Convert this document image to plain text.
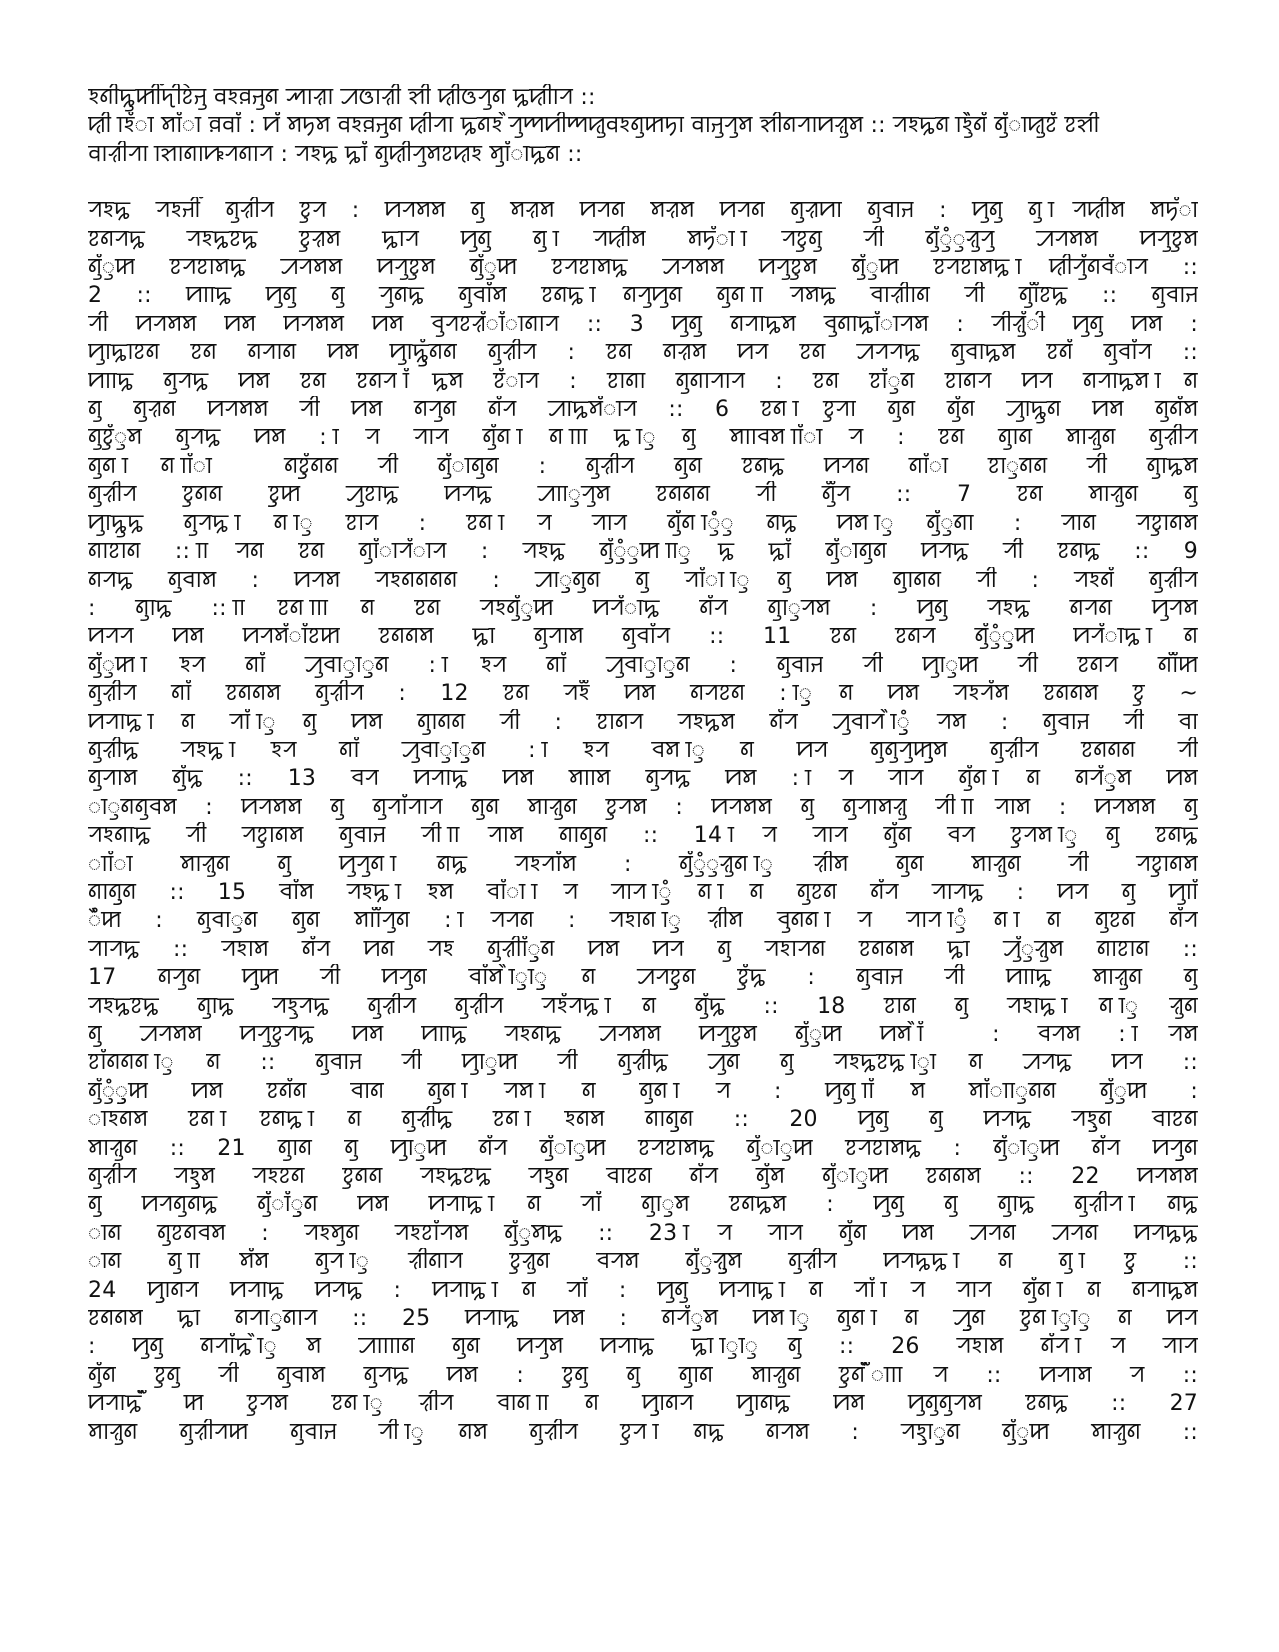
ꠁꠘꠤꠍꠥꠇꠤꠋꠖꠤꠐꠦꠔꠥ ꠛꠁꠅꠔꠥꠘ ꠕꠣꠟꠣ ꠀꠃꠣꠟꠤ ꠡꠤ ꠢꠤꠃꠞꠥꠘ ꠍꠢꠤꠣꠞ ::
ꠢꠤ ꠣꠁꠋꠣ ꠝꠣꠋꠣ ꠅꠛꠣꠋ : ꠙꠋ ꠝꠠꠝ ꠛꠁꠅꠔꠥꠘ ꠢꠤꠞꠣ ꠍꠘꠁ ꠂꠞꠥꠈꠙꠤꠈꠢꠥꠛꠁꠘꠥꠇꠠꠣ ꠛꠣꠔꠥꠞꠥꠝ ꠡꠤꠘꠞꠣꠙꠟꠥꠝ :: ꠞꠁꠍꠘ ꠣꠁꠂꠂꠥꠘꠋ ꠘꠥꠋꠣꠢꠥꠐꠋ ꠐꠡꠤ
ꠛꠣꠟꠤꠞꠣ ꠣꠡꠣꠘꠣꠚꠞꠘꠣꠞ : ꠞꠁꠍ ꠍꠣꠋ ꠘꠥꠢꠤꠞꠥꠝꠐꠢꠁ ꠝꠥꠣꠋꠣꠍꠘ ::
ꠞꠁꠍ ꠞꠁꠔꠤꠋ ꠘꠥꠟꠤꠞ ꠐꠥꠞ : ꠙꠞꠝꠝ ꠘꠥ ꠝꠟꠝ ꠙꠞꠘ ꠝꠟꠝ ꠙꠞꠘ ꠘꠥꠟꠙꠣ ꠘꠥꠌꠣꠔ : ꠙꠥꠘꠥ ꠘꠥ ꠣꠞꠢꠤꠝ ꠝꠠꠋꠣ
ꠐꠘꠞꠍ ꠞꠁꠍꠐꠍ ꠐꠥꠟꠝ ꠍꠣꠞ ꠙꠥꠘꠥ ꠘꠥ ꠣꠞꠢꠤꠝ ꠝꠠꠋꠣ ꠣꠞꠐꠥꠘꠥ ꠞꠤ ꠘꠥꠋꠥꠋꠥꠟꠥꠞꠥ ꠀꠞꠝꠝ ꠙꠞꠥꠐꠥꠝ
ꠘꠥꠋꠥꠇ ꠐꠞꠐꠣꠝꠍ ꠀꠞꠝꠝ ꠙꠞꠥꠐꠥꠝ ꠘꠥꠋꠥꠇ ꠐꠞꠐꠣꠝꠍ ꠀꠞꠝꠝ ꠙꠞꠥꠐꠥꠝ ꠘꠥꠋꠥꠇ ꠐꠞꠐꠣꠝꠍ ꠣꠢꠤꠞꠥꠋꠘꠌꠋꠣꠞ ::
2 :: ꠙꠣꠣꠍ ꠙꠥꠘꠥ ꠘꠥ ꠞꠥꠘꠍ ꠘꠥꠌꠣꠋꠝ ꠐꠘꠍ ꠣꠘꠞꠥꠙꠥꠘ ꠘꠥꠘ ꠣꠣꠞꠝꠍ ꠌꠣꠟꠤꠣꠘ ꠞꠤ ꠘꠥꠣꠋꠋꠐꠍ :: ꠘꠥꠌꠣꠔ
ꠞꠤ ꠙꠞꠝꠝ ꠙꠝ ꠙꠞꠝꠝ ꠙꠝ ꠌꠥꠞꠐꠟꠋꠣꠋꠣꠘꠣꠞ :: 3 ꠙꠥꠘꠥ ꠘꠞꠣꠍꠝ ꠌꠥꠘꠣꠍꠣꠋꠣꠞꠝ : ꠞꠤꠟꠥꠋꠤ ꠙꠥꠘꠥ ꠙꠝ :
ꠙꠥꠣꠍꠣꠐꠘ ꠐꠘ ꠘꠞꠣꠘ ꠙꠝ ꠙꠥꠣꠍꠥꠥꠋꠘꠘ ꠘꠥꠟꠤꠞ : ꠐꠘ ꠘꠟꠝ ꠙꠞ ꠐꠘ ꠀꠞꠞꠍ ꠘꠥꠌꠣꠍꠝ ꠐꠘꠋ ꠘꠥꠌꠣꠋꠞ ::
ꠙꠣꠣꠍ ꠘꠥꠞꠍ ꠙꠝ ꠐꠘ ꠐꠘꠞ ꠣꠋꠍꠝ ꠐꠋꠣꠞ : ꠐꠣꠘꠣ ꠘꠥꠘꠣꠞꠣꠞ : ꠐꠘ ꠐꠣꠋꠥꠘ ꠐꠣꠘꠞ ꠙꠞ ꠘꠞꠣꠍꠝ ꠣꠘ
ꠘꠥ ꠘꠥꠟꠘ ꠙꠞꠝꠝ ꠞꠤ ꠙꠝ ꠘꠞꠥꠘ ꠘꠋꠞ ꠀꠣꠍꠝꠋꠣꠞ :: 6 ꠐꠘ ꠣꠐꠥꠞꠣ ꠘꠥꠘ ꠘꠥꠋꠘ ꠀꠥꠣꠍꠥꠘ ꠙꠝ ꠘꠥꠘꠋꠝ
ꠘꠥꠐꠥꠋꠥꠝ ꠘꠥꠞꠍ ꠙꠝ : ꠣꠞ ꠞꠣꠞ ꠘꠥꠋꠘ ꠣꠘ ꠣꠣꠣꠍ ꠣꠥꠘꠥ ꠝꠣꠣꠌꠝ ꠣꠣꠋꠣꠞ : ꠐꠘ ꠘꠥꠣꠘ ꠝꠣꠟꠥꠘ ꠘꠥꠟꠤꠞ
ꠘꠥꠘ ꠣꠘ ꠣꠣꠋꠣ ꠘꠐꠥꠥꠋꠘꠘ ꠞꠤ ꠘꠥꠋꠣꠘꠥꠘ : ꠘꠥꠟꠤꠞ ꠘꠥꠘ ꠐꠘꠍ ꠙꠞꠘ ꠘꠣꠋꠣ ꠐꠣꠥꠘꠘ ꠞꠤ ꠘꠥꠣꠍꠝ
ꠘꠥꠟꠤꠞ ꠐꠥꠘꠘ ꠐꠥꠥꠇ ꠀꠥꠐꠣꠍ ꠙꠞꠍ ꠀꠣꠣꠥꠞꠥꠝ ꠐꠘꠘꠘ ꠞꠤ ꠘꠥꠋꠋꠞ :: 7 ꠐꠘ ꠝꠣꠟꠥꠘ ꠘꠥ
ꠙꠥꠣꠍꠥꠍ ꠘꠥꠞꠍ ꠣꠘ ꠣꠥꠐꠣꠞ : ꠐꠘ ꠣꠞ ꠞꠣꠞ ꠘꠥꠋꠘ ꠣꠥꠋꠥꠘꠍ ꠙꠝ ꠣꠥꠘꠥꠋꠥꠘꠣ : ꠞꠣꠘ ꠞꠐꠥꠣꠘꠝ
ꠘꠣꠐꠣꠘ :: ꠣꠣꠞꠘ ꠐꠘ ꠘꠥꠣꠋꠣꠞꠋꠣꠞ : ꠞꠁꠍ ꠘꠥꠋꠥꠋꠥꠇ ꠣꠣꠥꠍ ꠍꠣꠋ ꠘꠥꠋꠣꠘꠥꠘ ꠙꠞꠍ ꠞꠤ ꠐꠘꠍ :: 9
ꠘꠞꠍ ꠘꠥꠌꠣꠝ : ꠙꠞꠝ ꠞꠁꠘꠘꠘꠘ : ꠀꠣꠥꠥꠘꠥꠘ ꠘꠥ ꠞꠣꠋꠣ ꠣꠥꠘꠥ ꠙꠝ ꠘꠥꠣꠘꠘ ꠞꠤ : ꠞꠁꠘꠋ ꠘꠥꠟꠤꠞ
: ꠘꠥꠣꠍ :: ꠣꠣꠐꠘ ꠣꠣꠣꠘ ꠐꠘ ꠞꠁꠘꠥꠋꠥꠇ ꠙꠞꠋꠣꠍ ꠘꠋꠞ ꠘꠥꠣꠥꠞꠝ : ꠙꠥꠘꠥ ꠞꠁꠍ ꠘꠞꠘ ꠙꠥꠞꠝ
ꠙꠞꠞ ꠙꠝ ꠙꠞꠝꠋꠣꠋꠐꠇ ꠐꠘꠘꠝ ꠍꠣ ꠘꠥꠞꠣꠝ ꠘꠥꠌꠣꠋꠞ :: 11 ꠐꠘ ꠐꠘꠞ ꠘꠥꠋꠥꠋꠥꠥꠥꠇ ꠙꠞꠋꠣꠍ ꠣꠘ
ꠘꠥꠋꠥꠇ ꠣꠁꠞ ꠘꠣꠋ ꠀꠥꠌꠣꠥꠣꠥꠥꠘ : ꠣꠁꠞ ꠘꠣꠋ ꠀꠥꠌꠣꠥꠣꠥꠥꠘ : ꠘꠥꠌꠣꠔ ꠞꠤ ꠙꠥꠣꠥꠇ ꠞꠤ ꠐꠘꠞ ꠘꠣꠋꠋꠇ
ꠘꠥꠟꠤꠞ ꠘꠣꠋ ꠐꠘꠘꠝ ꠘꠥꠟꠤꠞ : 12 ꠐꠘ ꠞꠁꠋꠋ ꠙꠝ ꠘꠞꠐꠘ : ꠣꠥꠥꠘ ꠙꠝ ꠞꠁꠞꠋꠝ ꠐꠘꠘꠝ ꠐꠥ ~
ꠙꠞꠣꠍ ꠣꠘ ꠞꠣꠋ ꠣꠥꠘꠥ ꠙꠝ ꠘꠥꠣꠘꠘ ꠞꠤ : ꠐꠣꠘꠞ ꠞꠁꠍꠝ ꠘꠋꠞ ꠀꠥꠌꠣꠞ ꠂꠣꠥꠥꠋꠞꠝ : ꠘꠥꠌꠣꠔ ꠞꠤ ꠌꠣ
ꠘꠥꠟꠤꠍ ꠞꠁꠍ ꠣꠁꠞ ꠘꠣꠋ ꠀꠥꠌꠣꠥꠣꠥꠥꠘ : ꠣꠁꠞ ꠌꠝ ꠣꠥꠘ ꠙꠞ ꠘꠥꠘꠥꠞꠥꠇꠥꠥꠝ ꠘꠥꠟꠤꠞ ꠐꠘꠘꠘ ꠞꠤ
ꠘꠥꠞꠣꠝ ꠘꠥꠋꠍ :: 13 ꠌꠞ ꠙꠞꠣꠍ ꠙꠝ ꠝꠣꠣꠝ ꠘꠥꠞꠍ ꠙꠝ : ꠣꠞ ꠞꠣꠞ ꠘꠥꠋꠘ ꠣꠘ ꠘꠞꠋꠥꠥꠝ ꠙꠝ
ꠣꠥꠘꠘꠥꠌꠝ : ꠙꠞꠝꠝ ꠘꠥ ꠘꠥꠞꠣꠋꠞꠣꠞ ꠘꠥꠘ ꠝꠣꠟꠥꠘ ꠐꠥꠞꠝ : ꠙꠞꠝꠝ ꠘꠥ ꠘꠥꠞꠣꠝꠟꠥ ꠞꠤ ꠣꠣꠞꠣꠝ : ꠙꠞꠝꠝ ꠘꠥ
ꠞꠁꠘꠣꠍ ꠞꠤ ꠞꠐꠥꠣꠘꠝ ꠘꠥꠌꠣꠔ ꠞꠤ ꠣꠣꠞꠣꠝ ꠘꠣꠘꠥꠥꠘ :: 14 ꠣꠞ ꠞꠣꠞ ꠘꠥꠋꠘ ꠌꠞ ꠐꠥꠞꠝ ꠣꠥꠘꠥ ꠐꠘꠍ
ꠣꠣꠋꠣ ꠝꠣꠟꠥꠘ ꠘꠥ ꠙꠥꠞꠥꠘ ꠣꠘꠍ ꠞꠁꠞꠣꠋꠝ : ꠘꠥꠋꠥꠋꠥꠟꠥꠘ ꠣꠥꠟꠤꠝ ꠘꠥꠘ ꠝꠣꠟꠥꠘ ꠞꠤ ꠞꠐꠥꠣꠘꠝ
ꠘꠣꠘꠥꠥꠘ :: 15 ꠌꠣꠋꠝ ꠞꠁꠍ ꠣꠁꠝ ꠌꠣꠋꠣ ꠣꠞ ꠞꠣꠞ ꠣꠥꠋꠘ ꠣꠘ ꠘꠥꠐꠘ ꠘꠋꠞ ꠞꠣꠞꠍ : ꠙꠞ ꠘꠥ ꠙꠥꠣꠣꠋ
ꠂꠋꠋꠇ : ꠘꠥꠌꠣꠥꠘ ꠘꠥꠘ ꠝꠣꠣꠋꠋꠞꠥꠘ : ꠣꠞꠞꠘ : ꠞꠁꠣꠘ ꠣꠥꠟꠤꠝ ꠌꠥꠘꠘ ꠣꠞ ꠞꠣꠞ ꠣꠥꠋꠘ ꠣꠘ ꠘꠥꠐꠘ ꠘꠋꠞ
ꠞꠣꠞꠍ :: ꠞꠁꠣꠝ ꠘꠋꠞ ꠙꠘ ꠞꠁ ꠘꠥꠟꠤꠣꠋꠥꠥꠘ ꠙꠝ ꠙꠞ ꠘꠥ ꠞꠁꠣꠞꠘ ꠐꠘꠘꠝ ꠍꠣ ꠀꠥꠋꠥꠟꠥꠝ ꠘꠣꠐꠣꠘ ::
17 ꠘꠞꠥꠘ ꠙꠥꠥꠇ ꠞꠤ ꠙꠞꠥꠘ ꠌꠣꠋꠝ ꠂꠣꠥꠥꠣꠥꠥꠘ ꠀꠞꠐꠥꠥꠘ ꠐꠥꠋꠍ : ꠘꠥꠌꠣꠔ ꠞꠤ ꠙꠣꠣꠍ ꠝꠣꠟꠥꠘ ꠘꠥ
ꠞꠁꠍꠐꠍ ꠘꠥꠣꠍ ꠞꠁꠥꠞꠍ ꠘꠥꠟꠤꠞ ꠘꠥꠟꠤꠞ ꠞꠁꠋꠞꠍ ꠣꠘ ꠘꠥꠋꠍ :: 18 ꠐꠣꠘ ꠘꠥ ꠞꠁꠣꠍ ꠣꠘ ꠣꠥꠟꠥꠘ
ꠘꠥ ꠀꠞꠝꠝ ꠙꠞꠥꠐꠥꠞꠍ ꠙꠝ ꠙꠣꠣꠍ ꠞꠁꠘꠍ ꠀꠞꠝꠝ ꠙꠞꠥꠐꠥꠝ ꠘꠥꠋꠥꠇ ꠙꠝ ꠂꠣꠋ : ꠌꠞꠝ : ꠣꠞꠝ
ꠐꠣꠋꠘꠘꠘ ꠣꠥꠘ :: ꠘꠥꠌꠣꠔ ꠞꠤ ꠙꠥꠣꠥꠇ ꠞꠤ ꠘꠥꠟꠤꠍ ꠀꠥꠘ ꠘꠥ ꠞꠁꠍꠐꠍ ꠣꠥꠣꠘ ꠀꠞꠍ ꠙꠞ ::
ꠘꠥꠋꠥꠋꠥꠥꠥꠇ ꠙꠝ ꠐꠘꠋꠘ ꠌꠣꠘ ꠘꠥꠘ ꠣꠞꠝ ꠣꠘ ꠘꠥꠘ ꠣꠞ : ꠙꠥꠘꠥ ꠣꠣꠋꠝ ꠝꠣꠋꠣꠣꠥꠘꠘ ꠘꠥꠋꠥꠇ :
ꠣꠁꠘꠝ ꠐꠘ ꠣꠐꠘꠍ ꠣꠘ ꠘꠥꠟꠤꠍ ꠐꠘ ꠣꠁꠘꠝ ꠘꠣꠘꠥꠥꠘ :: 20 ꠙꠥꠘꠥ ꠘꠥ ꠙꠞꠍ ꠞꠁꠥꠥꠘ ꠌꠣꠐꠘ
ꠝꠣꠟꠥꠘ :: 21 ꠘꠥꠣꠘ ꠘꠥ ꠙꠥꠣꠥꠇ ꠘꠋꠞ ꠘꠥꠋꠣꠥꠇ ꠐꠞꠐꠣꠝꠍ ꠘꠥꠋꠣꠥꠇ ꠐꠞꠐꠣꠝꠍ : ꠘꠥꠋꠣꠥꠇ ꠘꠋꠞ ꠙꠞꠥꠥꠘ
ꠘꠥꠟꠤꠞ ꠞꠁꠥꠥꠝ ꠞꠁꠐꠘ ꠐꠥꠘꠘ ꠞꠁꠍꠐꠍ ꠞꠁꠥꠥꠘ ꠌꠣꠐꠘ ꠘꠋꠞ ꠘꠥꠋꠝ ꠘꠥꠋꠣꠥꠇ ꠐꠘꠘꠝ :: 22 ꠙꠞꠝꠝ
ꠘꠥ ꠙꠞꠘꠥꠘꠍ ꠘꠥꠋꠣꠋꠥꠥꠘ ꠙꠝ ꠙꠞꠣꠍ ꠣꠘ ꠞꠣꠋ ꠘꠥꠣꠥꠝ ꠐꠘꠍꠝ : ꠙꠥꠘꠥ ꠘꠥ ꠘꠥꠣꠍ ꠘꠥꠟꠤꠞ ꠣꠘꠍ
ꠣꠘ ꠘꠥꠐꠘꠌꠝ : ꠞꠁꠝꠥꠘ ꠞꠁꠐꠣꠋꠞꠝ ꠘꠥꠋꠥꠝꠍ :: 23 ꠣꠞ ꠞꠣꠞ ꠘꠥꠋꠘ ꠙꠝ ꠀꠞꠘ ꠀꠞꠘ ꠙꠞꠍꠍ
ꠣꠘ ꠘꠥ ꠣꠣꠝꠋꠝ ꠘꠥꠞ ꠣꠥꠟꠤꠘꠣꠞ ꠐꠥꠟꠥꠘ ꠌꠞꠝ ꠘꠥꠋꠥꠟꠥꠥꠥꠝ ꠘꠥꠟꠤꠞ ꠙꠞꠍꠍ ꠣꠘ ꠘꠥ ꠣꠐꠥꠥꠥ ::
24 ꠙꠥꠥꠣꠘꠞ ꠙꠞꠣꠍ ꠙꠞꠍ : ꠙꠞꠣꠍ ꠣꠘ ꠞꠣꠋ : ꠙꠥꠘꠥ ꠙꠞꠣꠍ ꠣꠘ ꠞꠣꠋ ꠣꠞ ꠞꠣꠞ ꠘꠥꠋꠘ ꠣꠘ ꠘꠞꠣꠍꠝ
ꠐꠘꠘꠝ ꠍꠣ ꠘꠞꠣꠥꠥꠘꠣꠞ :: 25 ꠙꠞꠣꠍ ꠙꠝ : ꠘꠞꠋꠥꠥꠝ ꠙꠝ ꠣꠥꠘꠥꠘ ꠣꠘ ꠀꠥꠥꠥꠥꠘ ꠐꠥꠘ ꠣꠥꠣꠥꠘ ꠙꠞ
: ꠙꠥꠘꠥ ꠘꠞꠣꠋꠍ ꠂꠣꠥꠝ ꠀꠣꠣꠣꠣꠘ ꠘꠥꠘ ꠙꠞꠥꠝ ꠙꠞꠣꠍ ꠍꠣ ꠣꠥꠣꠥꠘꠥ :: 26 ꠞꠁꠣꠝ ꠘꠋꠞ ꠣꠞ ꠞꠣꠞ
ꠘꠥꠋꠘ ꠐꠥꠘꠥ ꠞꠤ ꠘꠥꠌꠣꠝ ꠘꠥꠞꠍ ꠙꠝ : ꠐꠥꠘꠥ ꠘꠥ ꠘꠥꠣꠘ ꠝꠣꠟꠥꠘ ꠐꠥꠘ ꠂꠋꠋꠣꠣꠣꠞ :: ꠙꠞꠣꠝ ꠞ ::
ꠙꠞꠣꠍ ꠂꠋꠋꠇ ꠐꠥꠞꠝ ꠐꠘ ꠣꠥꠟꠤꠞ ꠌꠣꠘ ꠣꠣꠘ ꠙꠥꠥꠣꠘꠞ ꠙꠥꠣꠘꠍ ꠙꠝ ꠙꠥꠘꠥꠘꠥꠞꠝ ꠐꠘꠍ :: 27
ꠝꠣꠟꠥꠘ ꠘꠥꠟꠤꠞꠇ ꠘꠥꠌꠣꠔ ꠞꠤ ꠣꠥꠘꠝ ꠘꠥꠟꠤꠞ ꠐꠥꠞ ꠣꠘꠍ ꠘꠞꠝ : ꠞꠁꠥꠥꠣꠥꠥꠘ ꠘꠥꠋꠥꠇ ꠝꠣꠟꠥꠘ ::
